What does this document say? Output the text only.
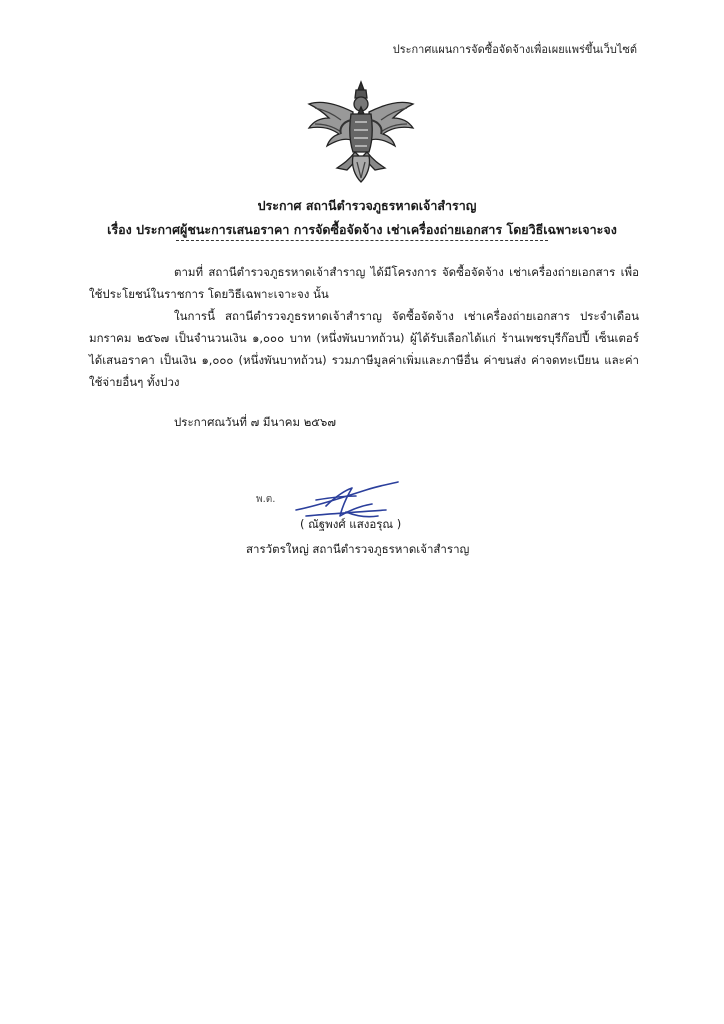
ประกาศแผนการจัดซื้อจัดจ้างเพื่อเผยแพร่ขึ้นเว็บไซต์
ประกาศ สถานีตำรวจภูธรหาดเจ้าสำราญ
เรื่อง ประกาศผู้ชนะการเสนอราคา การจัดซื้อจัดจ้าง เช่าเครื่องถ่ายเอกสาร โดยวิธีเฉพาะเจาะจง

ตามที่ สถานีตำรวจภูธรหาดเจ้าสำราญ ได้มีโครงการ จัดซื้อจัดจ้าง เช่าเครื่องถ่ายเอกสาร เพื่อใช้ประโยชน์ในราชการ โดยวิธีเฉพาะเจาะจง นั้น

ในการนี้ สถานีตำรวจภูธรหาดเจ้าสำราญ จัดซื้อจัดจ้าง เช่าเครื่องถ่ายเอกสาร ประจำเดือน มกราคม ๒๕๖๗ เป็นจำนวนเงิน ๑,๐๐๐ บาท (หนึ่งพันบาทถ้วน) ผู้ได้รับเลือกได้แก่ ร้านเพชรบุรีก๊อปปี้ เซ็นเตอร์ ได้เสนอราคา เป็นเงิน ๑,๐๐๐ (หนึ่งพันบาทถ้วน) รวมภาษีมูลค่าเพิ่มและภาษีอื่น ค่าขนส่ง ค่าจดทะเบียน และค่าใช้จ่ายอื่นๆ ทั้งปวง

ประกาศณวันที่ ๗ มีนาคม ๒๕๖๗
พ.ต.
( ณัฐพงศ์ แสงอรุณ )
สารวัตรใหญ่ สถานีตำรวจภูธรหาดเจ้าสำราญ
